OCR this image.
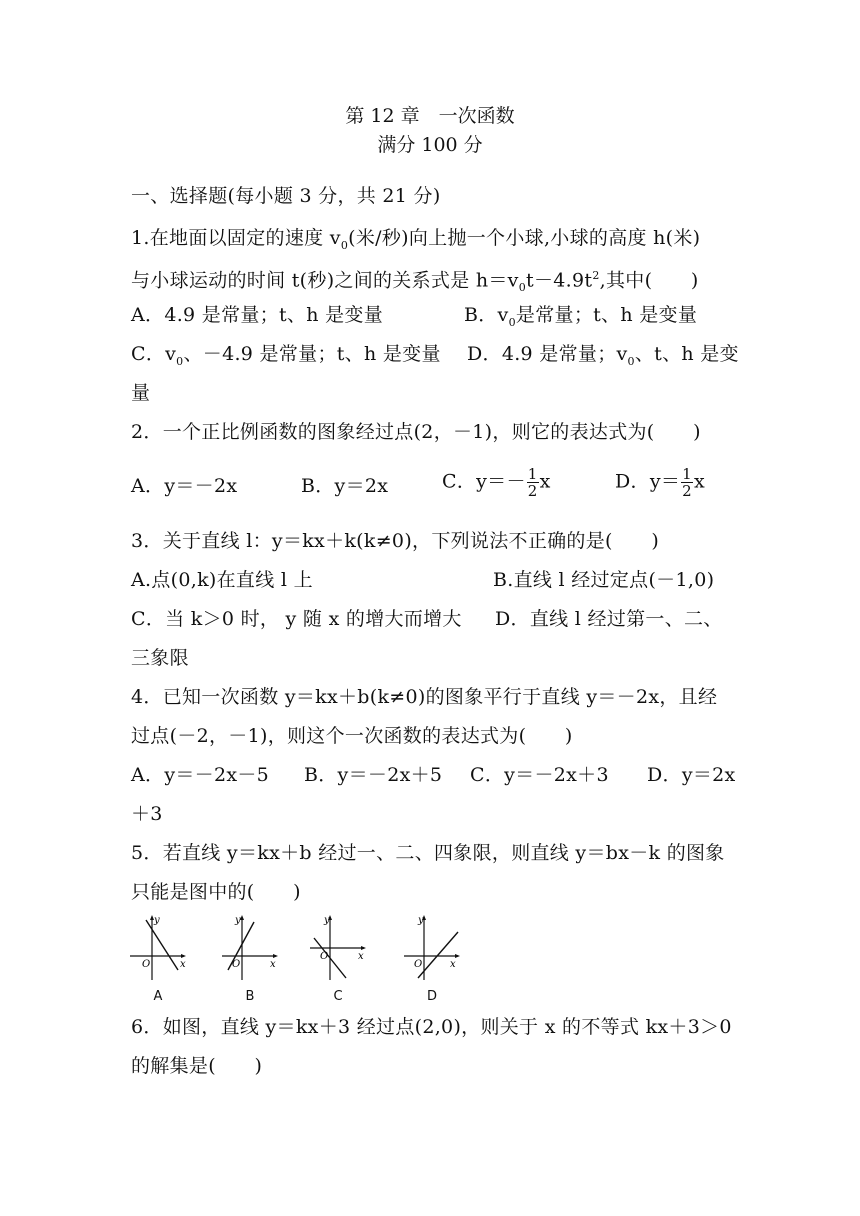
第 12 章　一次函数
满分 100 分
一、选择题(每小题 3 分，共 21 分)
1.在地面以固定的速度 $v_0$(米/秒)向上抛一个小球,小球的高度 h(米)
与小球运动的时间 t(秒)之间的关系式是 $h=v_0t-4.9t^2$,其中(　　)
A．4.9 是常量；t、h 是变量	B．$v_0$是常量；t、h 是变量
C．$v_0$、－4.9 是常量；t、h 是变量 D．4.9 是常量；$v_0$、t、h 是变
量
2．一个正比例函数的图象经过点(2，－1)，则它的表达式为(　　)
A．y＝－2x	B．y＝2x	C．$y=- \frac{1}{2}$ x	D．$y= \frac{1}{2}$ x
3．关于直线 l：y＝kx＋k(k≠0)，下列说法不正确的是(　　)
A.点(0,k)在直线 l 上	B.直线 l 经过定点(－1,0)
C．当 k＞0 时， y 随 x 的增大而增大 D．直线 l 经过第一、二、
三象限
4．已知一次函数 y＝kx＋b(k≠0)的图象平行于直线 y＝－2x，且经
过点(－2，－1)，则这个一次函数的表达式为(　　)
A．y＝－2x－5 B．y＝－2x＋5 C．y＝－2x＋3 D．y＝2x
＋3
5．若直线 y＝kx＋b 经过一、二、四象限，则直线 y＝bx－k 的图象
只能是图中的(　　)
y
x
O
A
y
x
O
B
y
x
O
C
y
x
O
D
6．如图，直线 y＝kx＋3 经过点(2,0)，则关于 x 的不等式 kx＋3＞0
的解集是(　　)
